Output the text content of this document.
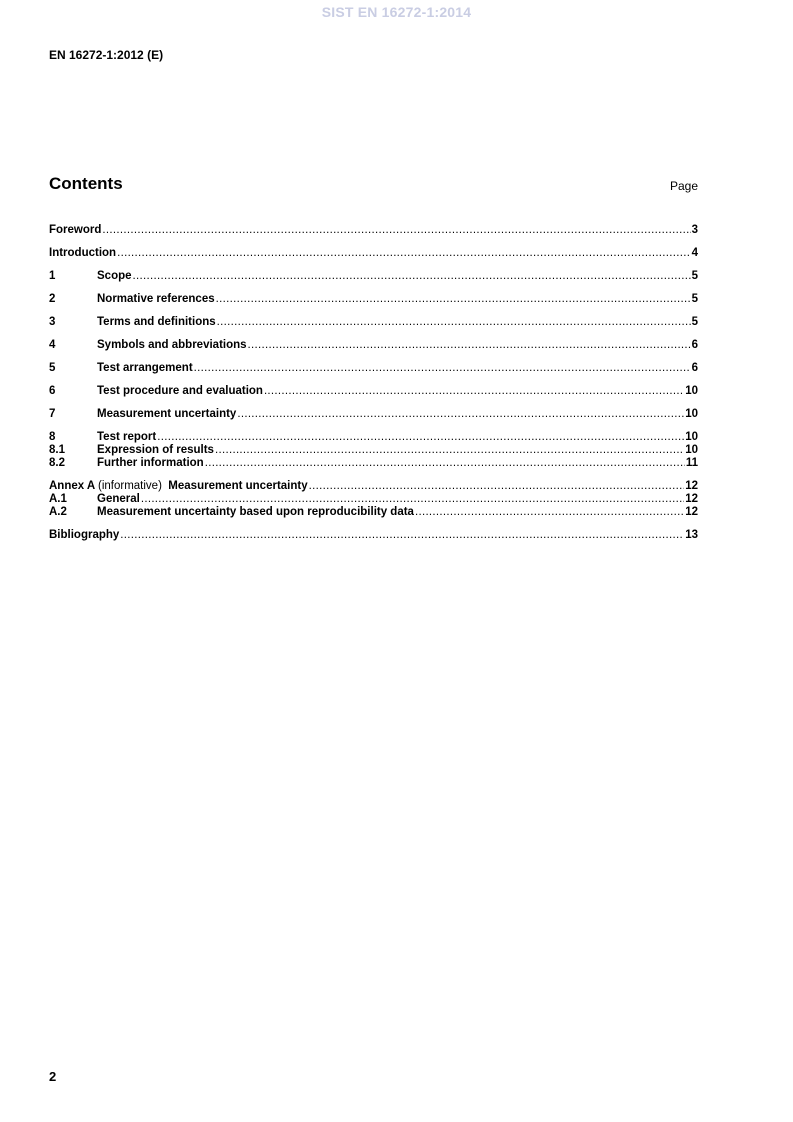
SIST EN 16272-1:2014
EN 16272-1:2012 (E)
Contents	Page
Foreword .....	3
Introduction .....	4
1	Scope .....	5
2	Normative references .....	5
3	Terms and definitions .....	5
4	Symbols and abbreviations .....	6
5	Test arrangement .....	6
6	Test procedure and evaluation .....	10
7	Measurement uncertainty .....	10
8	Test report .....	10
8.1	Expression of results .....	10
8.2	Further information .....	11
Annex A (informative) Measurement uncertainty .....	12
A.1	General .....	12
A.2	Measurement uncertainty based upon reproducibility data .....	12
Bibliography .....	13
2
